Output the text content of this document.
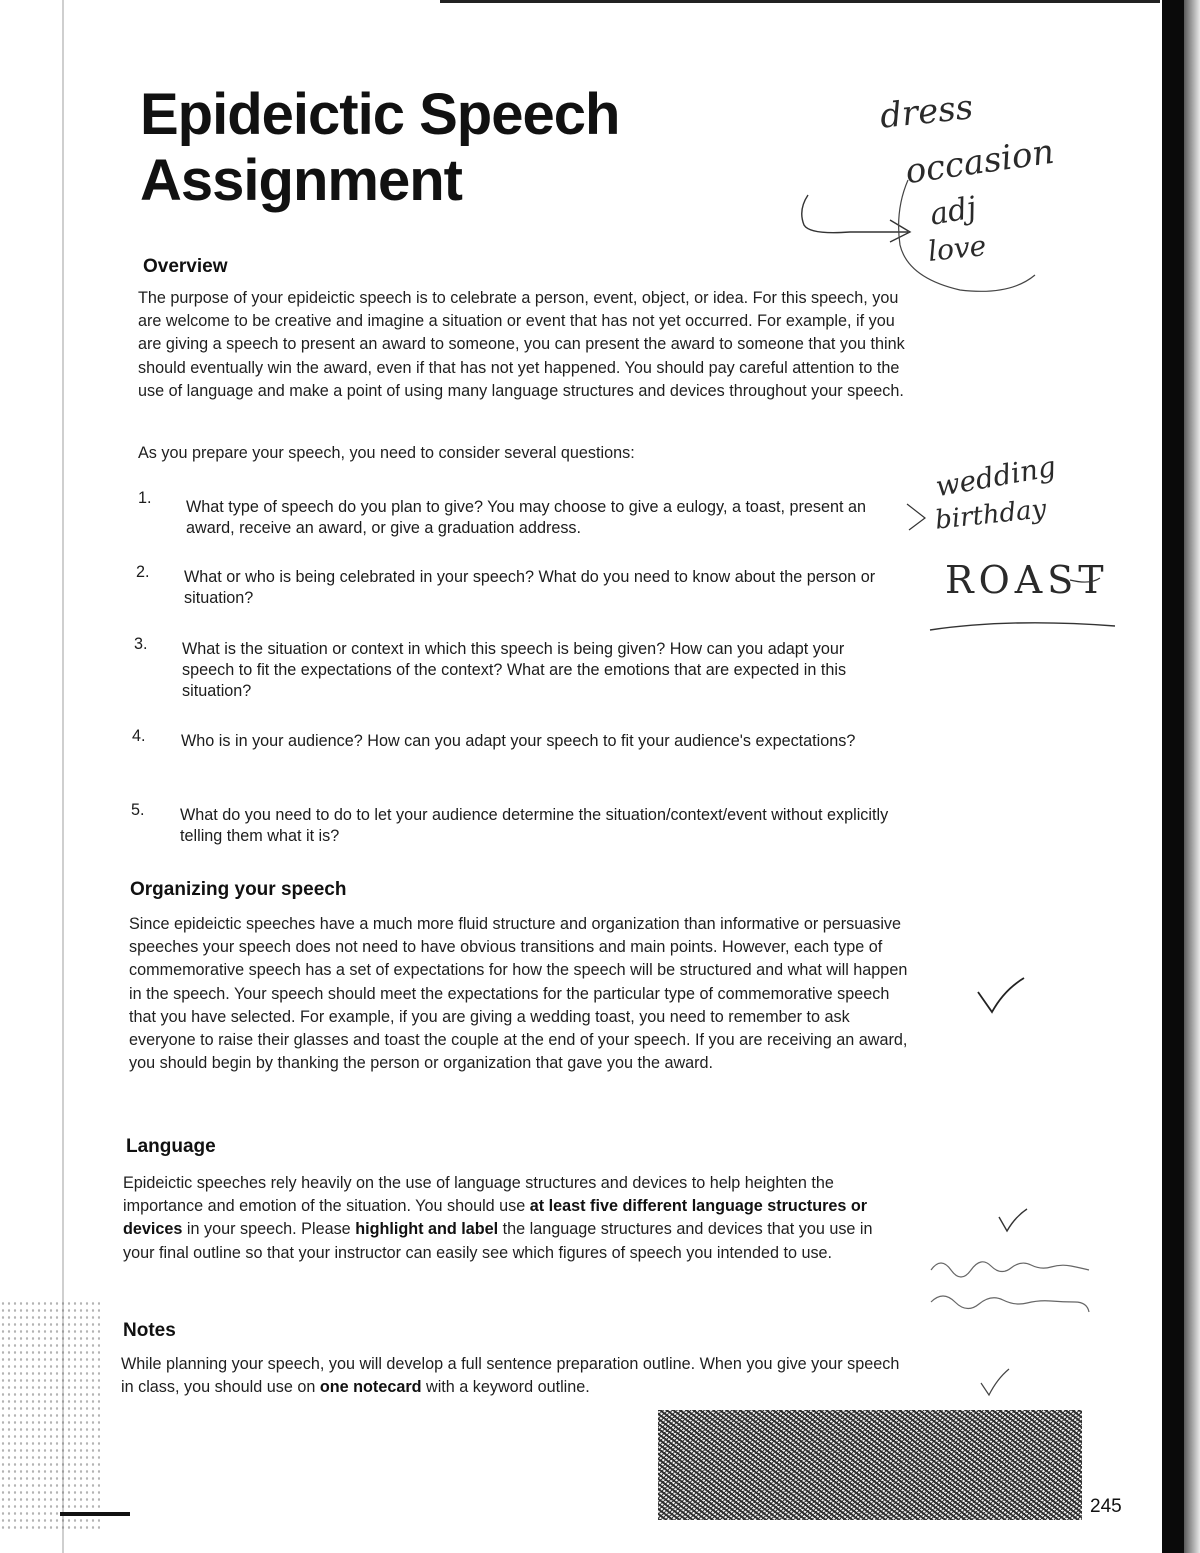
Epideictic Speech
Assignment
Overview

The purpose of your epideictic speech is to celebrate a person, event, object, or idea. For this speech, you are welcome to be creative and imagine a situation or event that has not yet occurred. For example, if you are giving a speech to present an award to someone, you can present the award to someone that you think should eventually win the award, even if that has not yet happened. You should pay careful attention to the use of language and make a point of using many language structures and devices throughout your speech.

As you prepare your speech, you need to consider several questions:

1. What type of speech do you plan to give? You may choose to give a eulogy, a toast, present an award, receive an award, or give a graduation address.
2. What or who is being celebrated in your speech? What do you need to know about the person or situation?
3. What is the situation or context in which this speech is being given? How can you adapt your speech to fit the expectations of the context? What are the emotions that are expected in this situation?
4. Who is in your audience? How can you adapt your speech to fit your audience's expectations?
5. What do you need to do to let your audience determine the situation/context/event without explicitly telling them what it is?
Organizing your speech

Since epideictic speeches have a much more fluid structure and organization than informative or persuasive speeches your speech does not need to have obvious transitions and main points. However, each type of commemorative speech has a set of expectations for how the speech will be structured and what will happen in the speech. Your speech should meet the expectations for the particular type of commemorative speech that you have selected. For example, if you are giving a wedding toast, you need to remember to ask everyone to raise their glasses and toast the couple at the end of your speech. If you are receiving an award, you should begin by thanking the person or organization that gave you the award.

Language

Epideictic speeches rely heavily on the use of language structures and devices to help heighten the importance and emotion of the situation. You should use at least five different language structures or devices in your speech. Please highlight and label the language structures and devices that you use in your final outline so that your instructor can easily see which figures of speech you intended to use.

Notes

While planning your speech, you will develop a full sentence preparation outline. When you give your speech in class, you should use on one notecard with a keyword outline.

dress
occasion
adj
love
wedding
birthday
ROAST
245
